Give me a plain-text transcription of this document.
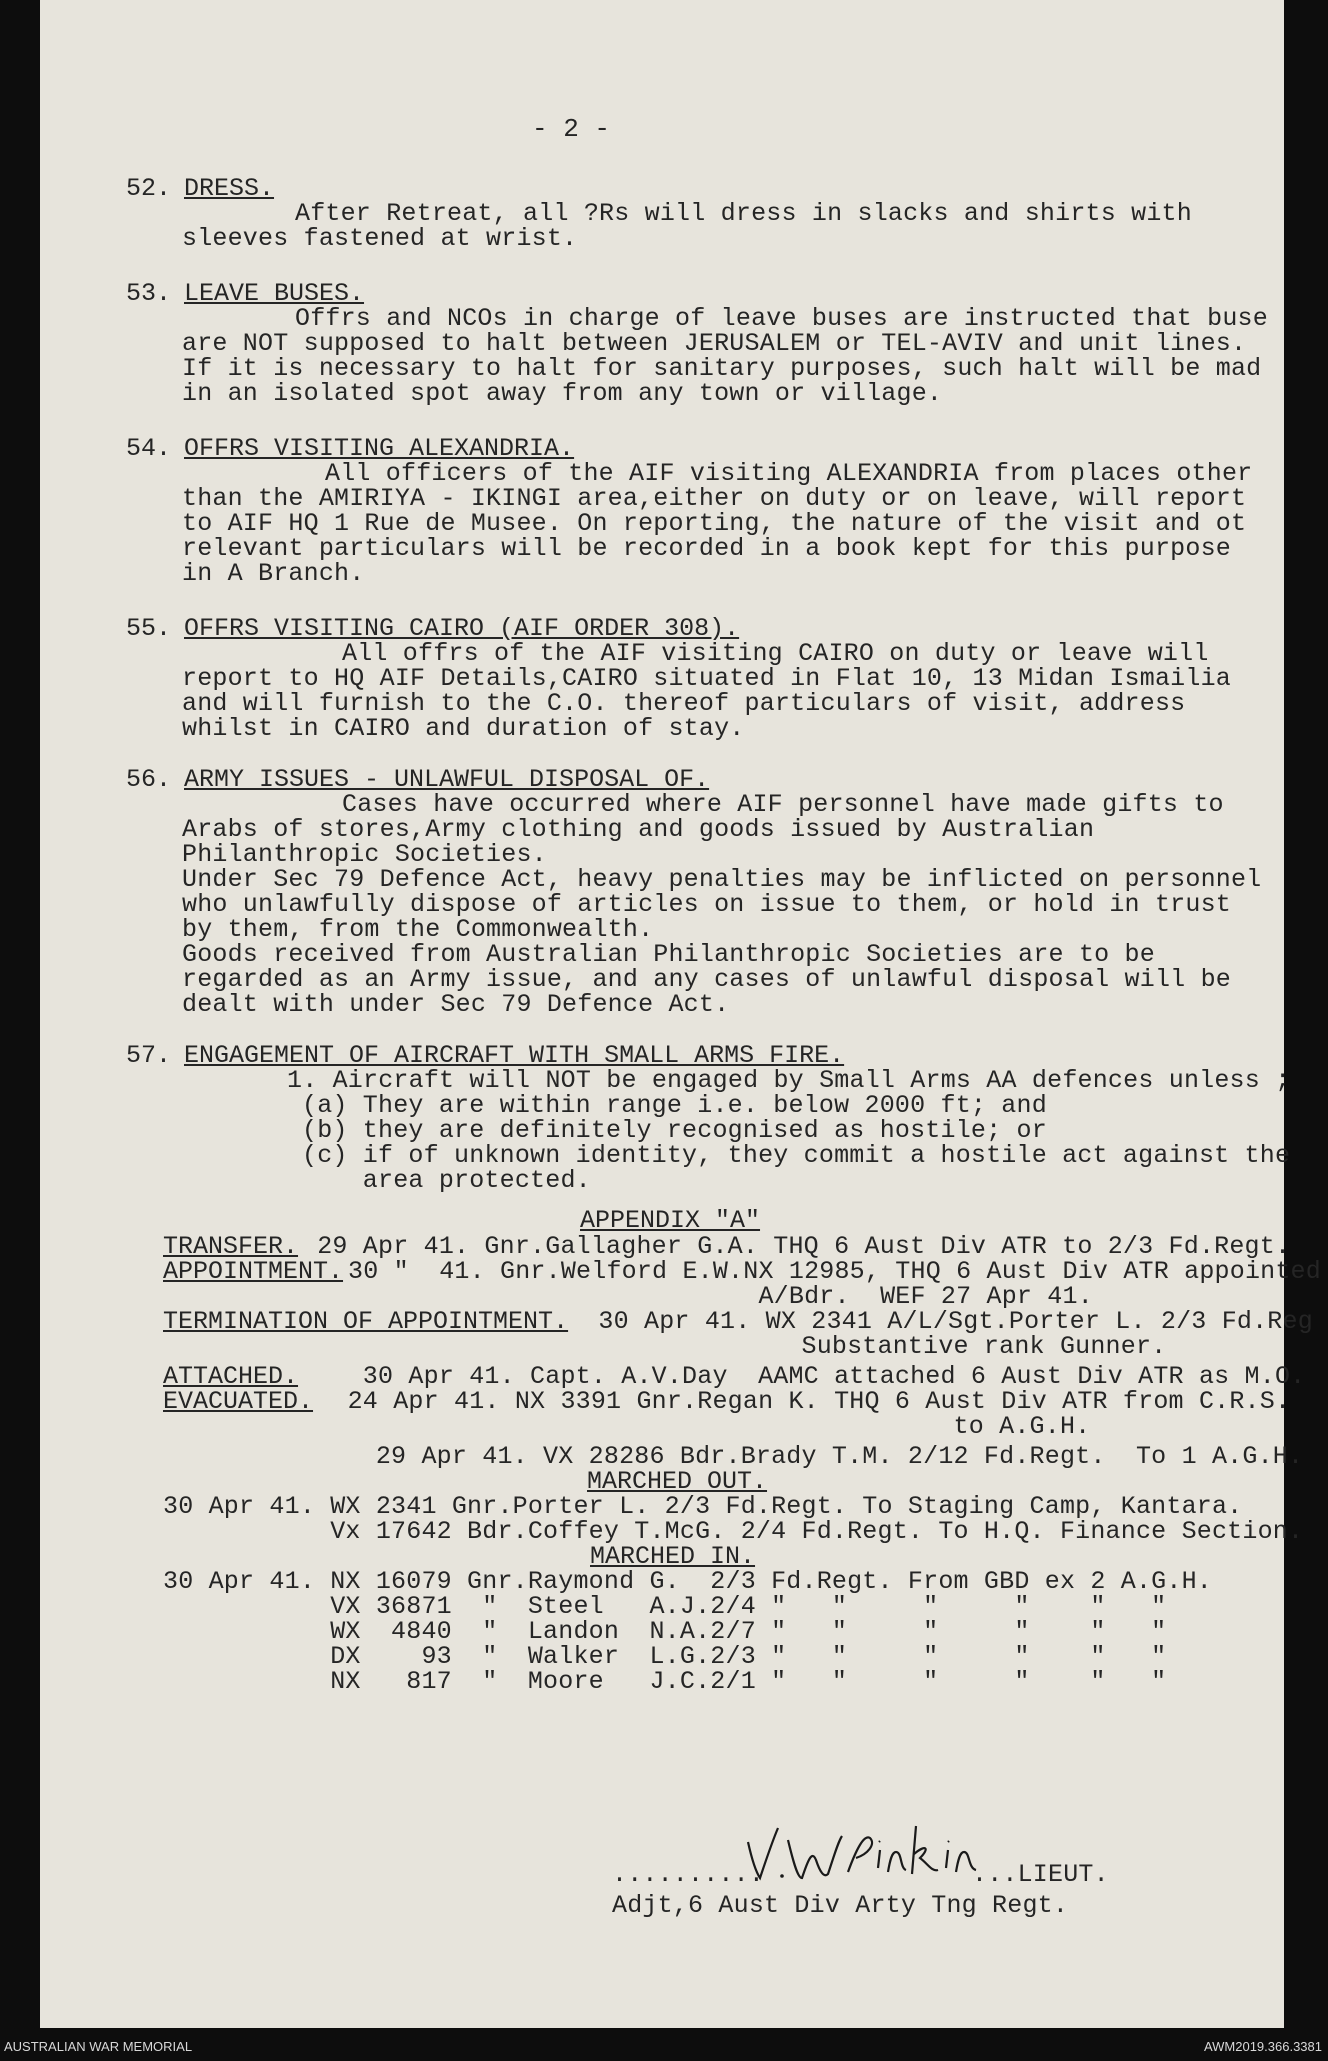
- 2 -
52. DRESS.
After Retreat, all ?Rs will dress in slacks and shirts with
sleeves fastened at wrist.
53. LEAVE BUSES.
Offrs and NCOs in charge of leave buses are instructed that buse
are NOT supposed to halt between JERUSALEM or TEL-AVIV and unit lines.
If it is necessary to halt for sanitary purposes, such halt will be mad
in an isolated spot away from any town or village.
54. OFFRS VISITING ALEXANDRIA.
All officers of the AIF visiting ALEXANDRIA from places other
than the AMIRIYA - IKINGI area,either on duty or on leave, will report
to AIF HQ 1 Rue de Musee. On reporting, the nature of the visit and ot
relevant particulars will be recorded in a book kept for this purpose
in A Branch.
55. OFFRS VISITING CAIRO (AIF ORDER 308).
All offrs of the AIF visiting CAIRO on duty or leave will
report to HQ AIF Details,CAIRO situated in Flat 10, 13 Midan Ismailia
and will furnish to the C.O. thereof particulars of visit, address
whilst in CAIRO and duration of stay.
56. ARMY ISSUES - UNLAWFUL DISPOSAL OF.
Cases have occurred where AIF personnel have made gifts to
Arabs of stores,Army clothing and goods issued by Australian
Philanthropic Societies.
Under Sec 79 Defence Act, heavy penalties may be inflicted on personnel
who unlawfully dispose of articles on issue to them, or hold in trust
by them, from the Commonwealth.
Goods received from Australian Philanthropic Societies are to be
regarded as an Army issue, and any cases of unlawful disposal will be
dealt with under Sec 79 Defence Act.
57. ENGAGEMENT OF AIRCRAFT WITH SMALL ARMS FIRE.
1. Aircraft will NOT be engaged by Small Arms AA defences unless ;
(a) They are within range i.e. below 2000 ft; and
(b) they are definitely recognised as hostile; or
(c) if of unknown identity, they commit a hostile act against the
area protected.
APPENDIX "A"
TRANSFER. 29 Apr 41. Gnr.Gallagher G.A. THQ 6 Aust Div ATR to 2/3 Fd.Regt.
APPOINTMENT. 30 "  41. Gnr.Welford E.W.NX 12985, THQ 6 Aust Div ATR appointed
A/Bdr.  WEF 27 Apr 41.
TERMINATION OF APPOINTMENT. 30 Apr 41. WX 2341 A/L/Sgt.Porter L. 2/3 Fd.Reg
Substantive rank Gunner.
ATTACHED. 30 Apr 41. Capt. A.V.Day  AAMC attached 6 Aust Div ATR as M.O.
EVACUATED.
24 Apr 41. NX 3391 Gnr.Regan K. THQ 6 Aust Div ATR from C.R.S.
to A.G.H.
29 Apr 41. VX 28286 Bdr.Brady T.M. 2/12 Fd.Regt.  To 1 A.G.H.
MARCHED OUT.
30 Apr 41. WX 2341 Gnr.Porter L. 2/3 Fd.Regt. To Staging Camp, Kantara.
Vx 17642 Bdr.Coffey T.McG. 2/4 Fd.Regt. To H.Q. Finance Section.
MARCHED IN.
30 Apr 41. NX 16079 Gnr.Raymond G.  2/3 Fd.Regt. From GBD ex 2 A.G.H.
VX 36871  "  Steel   A.J.2/4 "   "     "     "    "   "
WX  4840  "  Landon  N.A.2/7 "   "     "     "    "   "
DX    93  "  Walker  L.G.2/3 "   "     "     "    "   "
NX   817  "  Moore   J.C.2/1 "   "     "     "    "   "
..........	...LIEUT.
Adjt,6 Aust Div Arty Tng Regt.
AUSTRALIAN WAR MEMORIAL	AWM2019.366.3381
